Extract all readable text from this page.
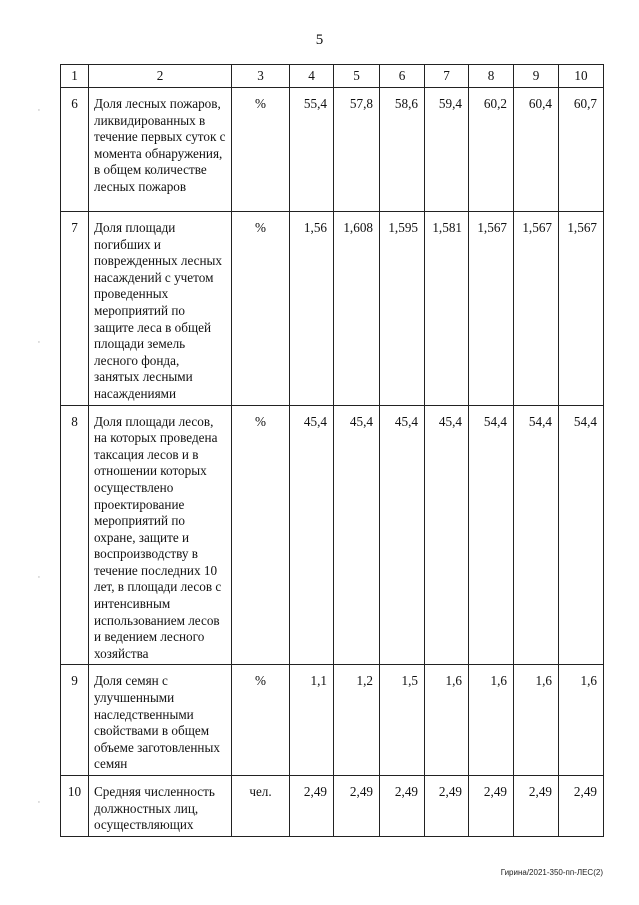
5
'
'
'
'
1	2	3	4	5	6	7	8	9	10
6	Доля лесных пожаров, ликвидированных в течение первых суток с момента обнаружения, в общем количестве лесных пожаров	%	55,4	57,8	58,6	59,4	60,2	60,4	60,7
7	Доля площади погибших и поврежденных лесных насаждений с учетом проведенных мероприятий по защите леса в общей площади земель лесного фонда, занятых лесными насаждениями	%	1,56	1,608	1,595	1,581	1,567	1,567	1,567
8	Доля площади лесов, на которых проведена таксация лесов и в отношении которых осуществлено проектирование мероприятий по охране, защите и воспроизводству в течение последних 10 лет, в площади лесов с интенсивным использованием лесов и ведением лесного хозяйства	%	45,4	45,4	45,4	45,4	54,4	54,4	54,4
9	Доля семян с улучшенными наследственными свойствами в общем объеме заготовленных семян	%	1,1	1,2	1,5	1,6	1,6	1,6	1,6
10	Средняя численность должностных лиц, осуществляющих	чел.	2,49	2,49	2,49	2,49	2,49	2,49	2,49
Гирина/2021-350-пп-ЛЕС(2)
